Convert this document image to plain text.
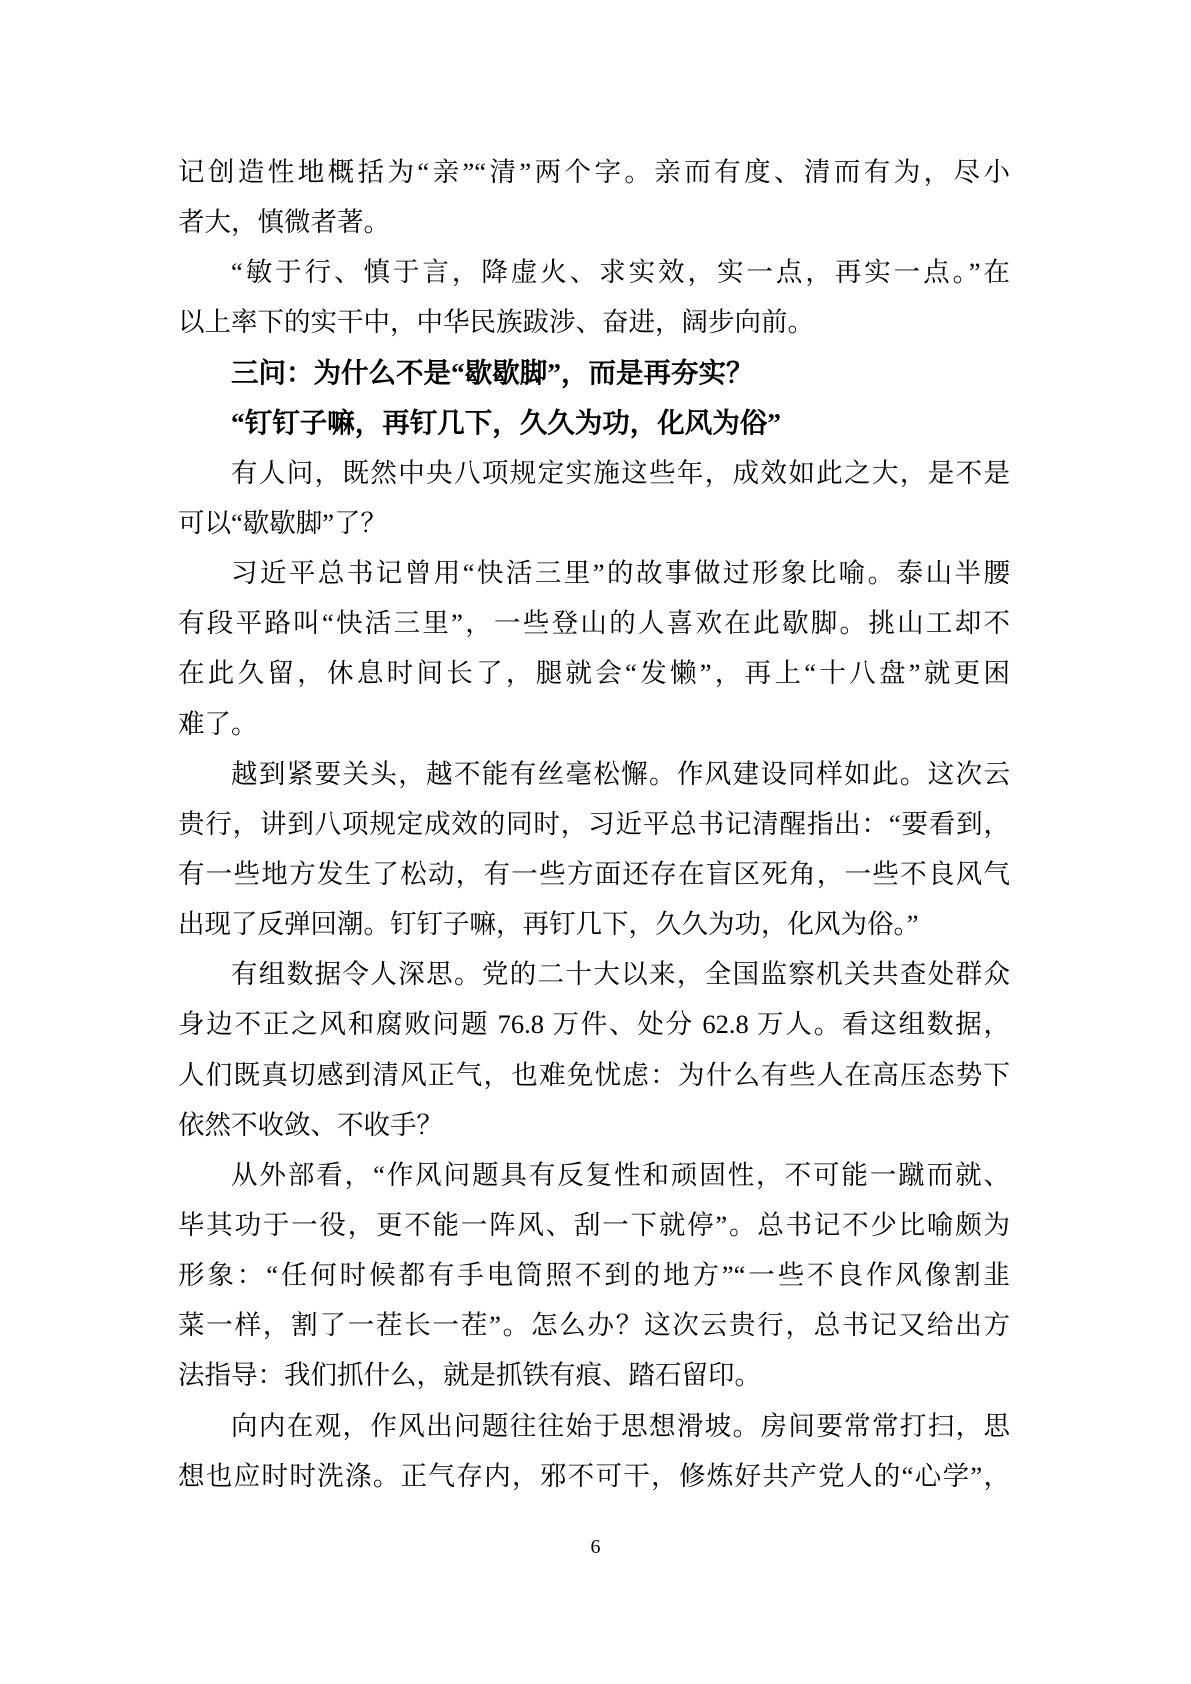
记创造性地概括为“亲”“清”两个字。亲而有度、清而有为，尽小
者大，慎微者著。
“敏于行、慎于言，降虚火、求实效，实一点，再实一点。”在
以上率下的实干中，中华民族跋涉、奋进，阔步向前。
三问：为什么不是“歇歇脚”，而是再夯实？
“钉钉子嘛，再钉几下，久久为功，化风为俗”
有人问，既然中央八项规定实施这些年，成效如此之大，是不是
可以“歇歇脚”了？
习近平总书记曾用“快活三里”的故事做过形象比喻。泰山半腰
有段平路叫“快活三里”，一些登山的人喜欢在此歇脚。挑山工却不
在此久留，休息时间长了，腿就会“发懒”，再上“十八盘”就更困
难了。
越到紧要关头，越不能有丝毫松懈。作风建设同样如此。这次云
贵行，讲到八项规定成效的同时，习近平总书记清醒指出：“要看到，
有一些地方发生了松动，有一些方面还存在盲区死角，一些不良风气
出现了反弹回潮。钉钉子嘛，再钉几下，久久为功，化风为俗。”
有组数据令人深思。党的二十大以来，全国监察机关共查处群众
身边不正之风和腐败问题 76.8 万件、处分 62.8 万人。看这组数据，
人们既真切感到清风正气，也难免忧虑：为什么有些人在高压态势下
依然不收敛、不收手？
从外部看，“作风问题具有反复性和顽固性，不可能一蹴而就、
毕其功于一役，更不能一阵风、刮一下就停”。总书记不少比喻颇为
形象：“任何时候都有手电筒照不到的地方”“一些不良作风像割韭
菜一样，割了一茬长一茬”。怎么办？这次云贵行，总书记又给出方
法指导：我们抓什么，就是抓铁有痕、踏石留印。
向内在观，作风出问题往往始于思想滑坡。房间要常常打扫，思
想也应时时洗涤。正气存内，邪不可干，修炼好共产党人的“心学”，
6
